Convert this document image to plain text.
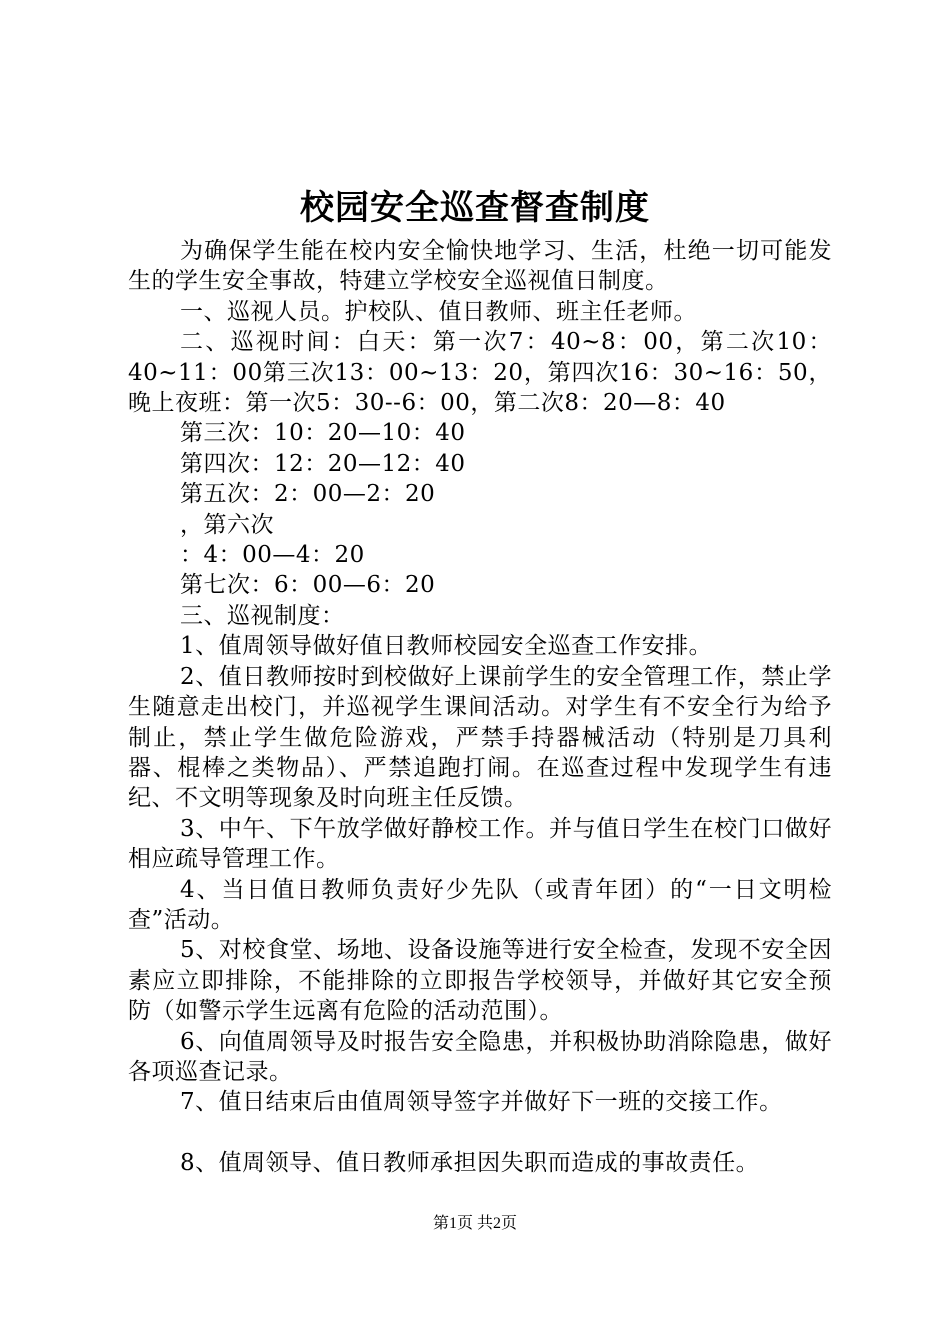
校园安全巡查督查制度

为确保学生能在校内安全愉快地学习、生活，杜绝一切可能发生的学生安全事故，特建立学校安全巡视值日制度。

一、巡视人员。护校队、值日教师、班主任老师。

二、巡视时间：白天：第一次7：40~8：00，第二次10：40~11：00第三次13：00~13：20，第四次16：30~16：50，晚上夜班：第一次5：30--6：00，第二次8：20—8：40

第三次：10：20—10：40

第四次：12：20—12：40

第五次：2：00—2：20

，第六次

：4：00—4：20

第七次：6：00—6：20

三、巡视制度：

1、值周领导做好值日教师校园安全巡查工作安排。

2、值日教师按时到校做好上课前学生的安全管理工作，禁止学生随意走出校门，并巡视学生课间活动。对学生有不安全行为给予制止，禁止学生做危险游戏，严禁手持器械活动（特别是刀具利器、棍棒之类物品）、严禁追跑打闹。在巡查过程中发现学生有违纪、不文明等现象及时向班主任反馈。

3、中午、下午放学做好静校工作。并与值日学生在校门口做好相应疏导管理工作。

4、当日值日教师负责好少先队（或青年团）的“一日文明检查”活动。

5、对校食堂、场地、设备设施等进行安全检查，发现不安全因素应立即排除，不能排除的立即报告学校领导，并做好其它安全预防（如警示学生远离有危险的活动范围）。

6、向值周领导及时报告安全隐患，并积极协助消除隐患，做好各项巡查记录。

7、值日结束后由值周领导签字并做好下一班的交接工作。

8、值周领导、值日教师承担因失职而造成的事故责任。

第1页 共2页
